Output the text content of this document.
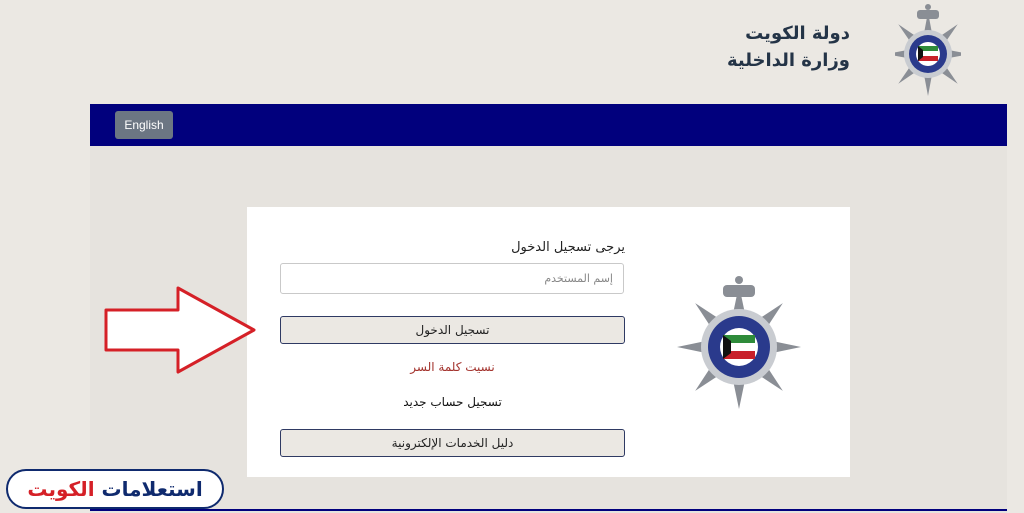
دولة الكويت
وزارة الداخلية
English

يرجى تسجيل الدخول

إسم المستخدم
تسجيل الدخول
نسيت كلمة السر
تسجيل حساب جديد
دليل الخدمات الإلكترونية
استعلامات الكويت
